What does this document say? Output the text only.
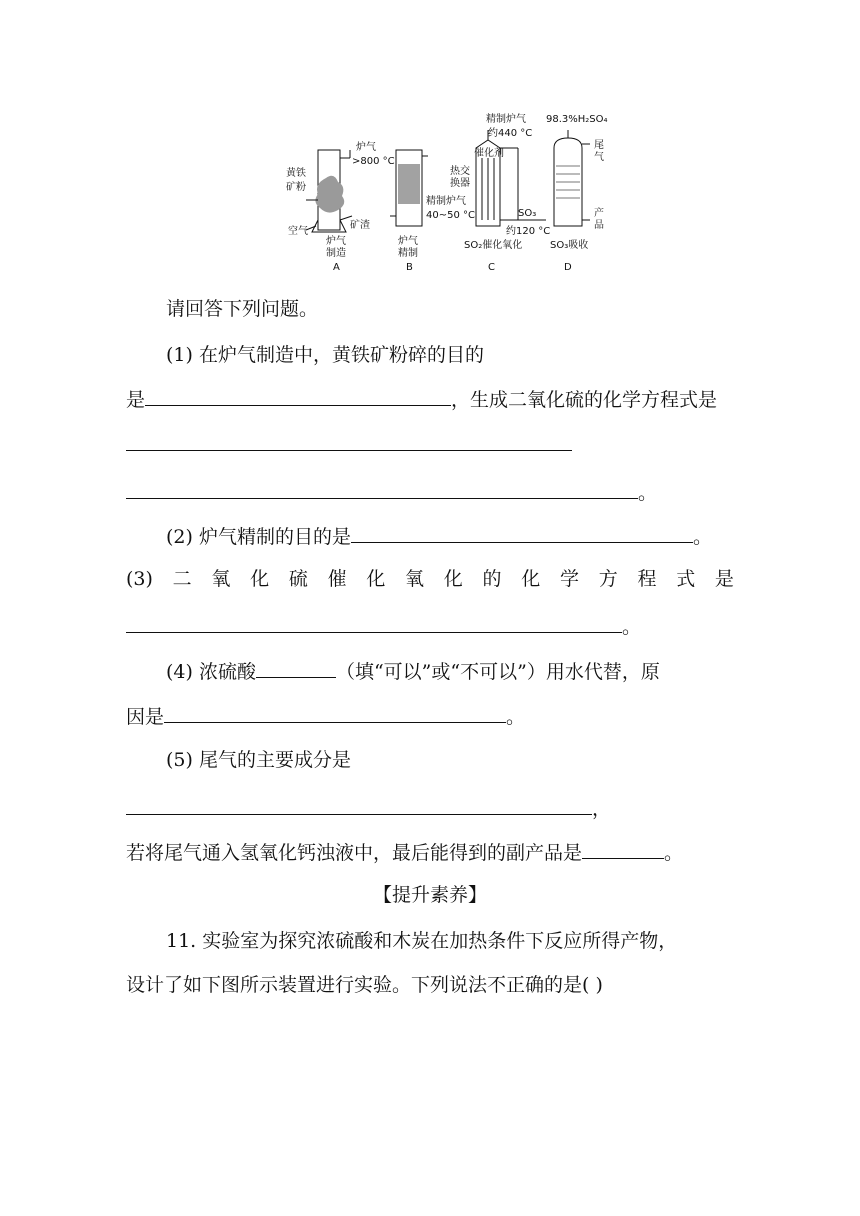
黄铁
矿粉
空气
炉气
>800 °C
矿渣
炉气
制造
A
炉气
精制
B
精制炉气
40~50 °C
精制炉气
约440 °C
催化剂
热交
换器
SO₃
约120 °C
SO₂催化氧化
C
98.3%H₂SO₄
尾
气
产
品
SO₃吸收
D
请回答下列问题。
(1) 在炉气制造中，黄铁矿粉碎的目的
是	，生成二氧化硫的化学方程式是
。
(2) 炉气精制的目的是	。
(3) 二 氧 化 硫 催 化 氧 化 的 化 学 方 程 式 是
。
(4) 浓硫酸	（填“可以”或“不可以”）用水代替，原
因是	。
(5) 尾气的主要成分是
，
若将尾气通入氢氧化钙浊液中，最后能得到的副产品是	。
【提升素养】
11. 实验室为探究浓硫酸和木炭在加热条件下反应所得产物，
设计了如下图所示装置进行实验。下列说法不正确的是( )
